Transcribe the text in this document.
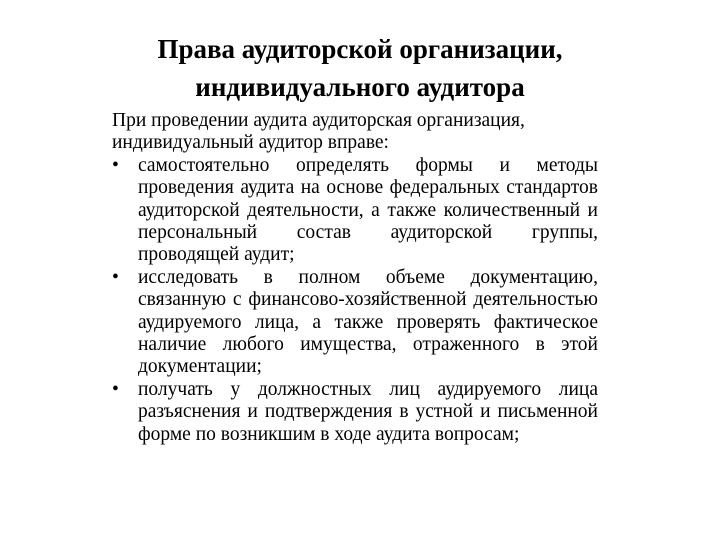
Права аудиторской организации,
индивидуального аудитора

При проведении аудита аудиторская организация, индивидуальный аудитор вправе:

• самостоятельно определять формы и методы проведения аудита на основе федеральных стандартов аудиторской деятельности, а также количественный и персональный состав аудиторской группы, проводящей аудит;
• исследовать в полном объеме документацию, связанную с финансово-хозяйственной деятельностью аудируемого лица, а также проверять фактическое наличие любого имущества, отраженного в этой документации;
• получать у должностных лиц аудируемого лица разъяснения и подтверждения в устной и письменной форме по возникшим в ходе аудита вопросам;
